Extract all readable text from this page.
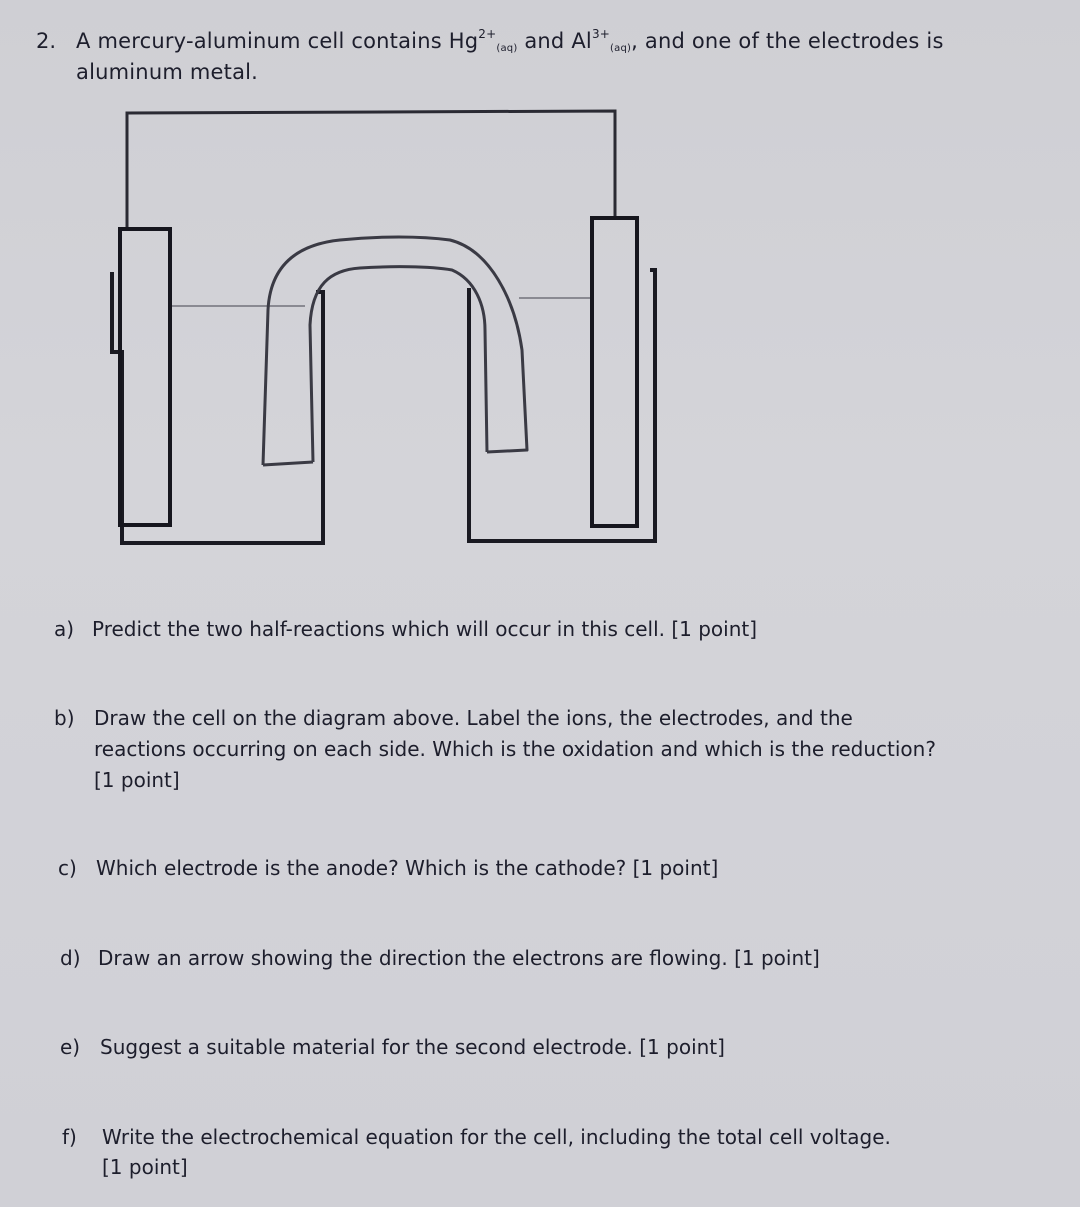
2. A mercury-aluminum cell contains $Hg^{2+}_{(aq)}$ and $Al^{3+}_{(aq)}$, and one of the electrodes is
aluminum metal.
a) Predict the two half-reactions which will occur in this cell. [1 point]
b) Draw the cell on the diagram above. Label the ions, the electrodes, and the
reactions occurring on each side. Which is the oxidation and which is the reduction?
[1 point]
c) Which electrode is the anode? Which is the cathode? [1 point]
d) Draw an arrow showing the direction the electrons are flowing. [1 point]
e) Suggest a suitable material for the second electrode. [1 point]
f) Write the electrochemical equation for the cell, including the total cell voltage.
[1 point]
